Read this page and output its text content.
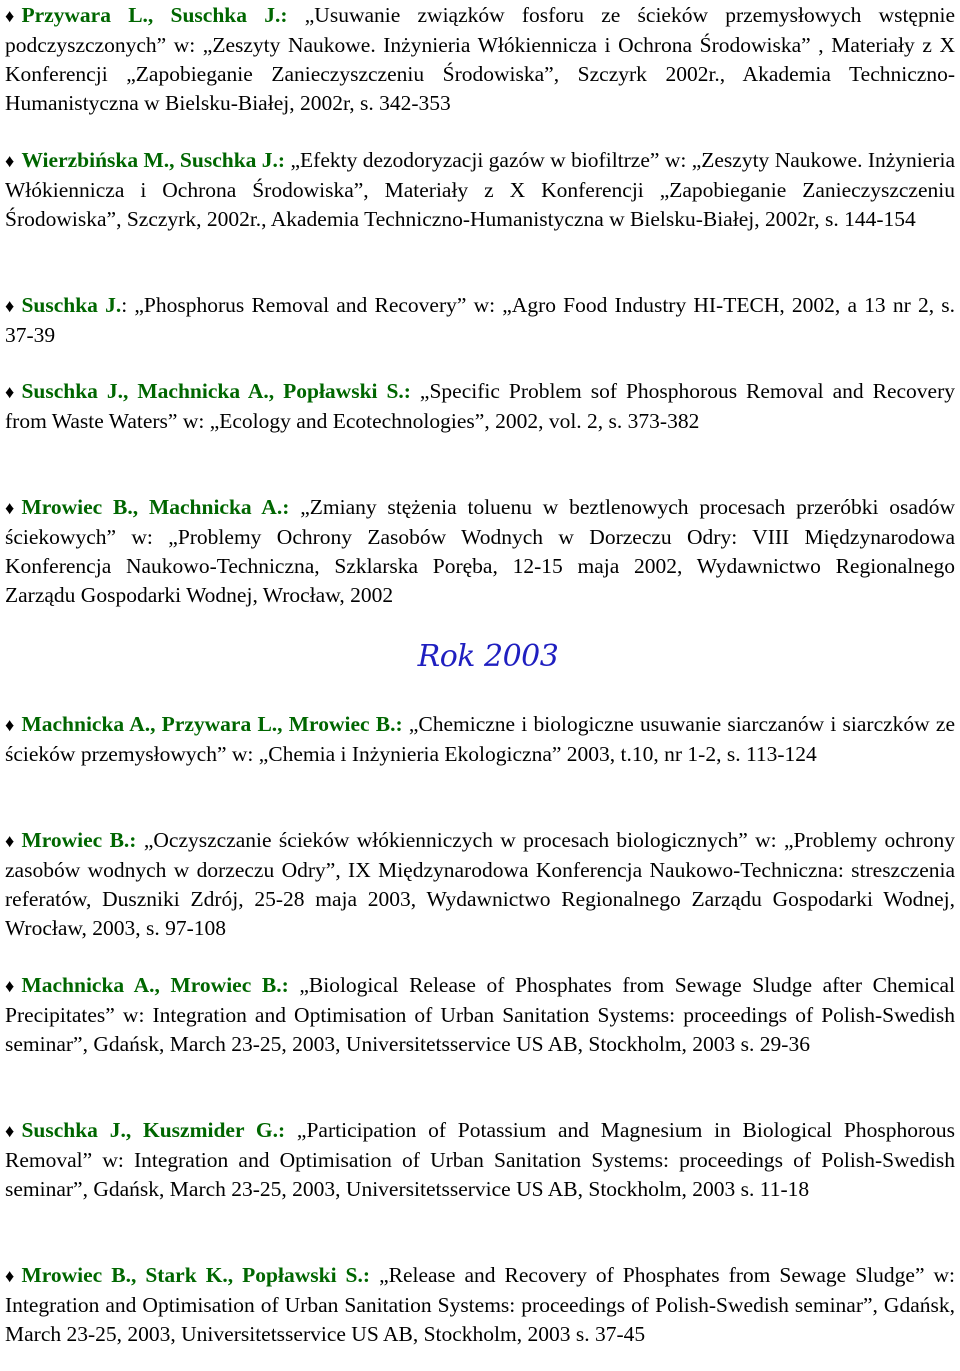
♦ Przywara L., Suschka J.: „Usuwanie związków fosforu ze ścieków przemysłowych wstępnie podczyszczonych” w: „Zeszyty Naukowe. Inżynieria Włókiennicza i Ochrona Środowiska” , Materiały z X Konferencji „Zapobieganie Zanieczyszczeniu Środowiska”, Szczyrk 2002r., Akademia Techniczno-Humanistyczna w Bielsku-Białej, 2002r, s. 342-353

♦ Wierzbińska M., Suschka J.: „Efekty dezodoryzacji gazów w biofiltrze” w: „Zeszyty Naukowe. Inżynieria Włókiennicza i Ochrona Środowiska”, Materiały z X Konferencji „Zapobieganie Zanieczyszczeniu Środowiska”, Szczyrk, 2002r., Akademia Techniczno-Humanistyczna w Bielsku-Białej, 2002r, s. 144-154

♦ Suschka J.: „Phosphorus Removal and Recovery” w: „Agro Food Industry HI-TECH, 2002, a 13 nr 2, s. 37-39

♦ Suschka J., Machnicka A., Popławski S.: „Specific Problem sof Phosphorous Removal and Recovery from Waste Waters” w: „Ecology and Ecotechnologies”, 2002, vol. 2, s. 373-382

♦ Mrowiec B., Machnicka A.: „Zmiany stężenia toluenu w beztlenowych procesach przeróbki osadów ściekowych” w: „Problemy Ochrony Zasobów Wodnych w Dorzeczu Odry: VIII Międzynarodowa Konferencja Naukowo-Techniczna, Szklarska Poręba, 12-15 maja 2002, Wydawnictwo Regionalnego Zarządu Gospodarki Wodnej, Wrocław, 2002

Rok 2003

♦ Machnicka A., Przywara L., Mrowiec B.: „Chemiczne i biologiczne usuwanie siarczanów i siarczków ze ścieków przemysłowych” w: „Chemia i Inżynieria Ekologiczna” 2003, t.10, nr 1-2, s. 113-124

♦ Mrowiec B.: „Oczyszczanie ścieków włókienniczych w procesach biologicznych” w: „Problemy ochrony zasobów wodnych w dorzeczu Odry”, IX Międzynarodowa Konferencja Naukowo-Techniczna: streszczenia referatów, Duszniki Zdrój, 25-28 maja 2003, Wydawnictwo Regionalnego Zarządu Gospodarki Wodnej, Wrocław, 2003, s. 97-108

♦ Machnicka A., Mrowiec B.: „Biological Release of Phosphates from Sewage Sludge after Chemical Precipitates” w: Integration and Optimisation of Urban Sanitation Systems: proceedings of Polish-Swedish seminar”, Gdańsk, March 23-25, 2003, Universitetsservice US AB, Stockholm, 2003 s. 29-36

♦ Suschka J., Kuszmider G.: „Participation of Potassium and Magnesium in Biological Phosphorous Removal” w: Integration and Optimisation of Urban Sanitation Systems: proceedings of Polish-Swedish seminar”, Gdańsk, March 23-25, 2003, Universitetsservice US AB, Stockholm, 2003 s. 11-18

♦ Mrowiec B., Stark K., Popławski S.: „Release and Recovery of Phosphates from Sewage Sludge” w: Integration and Optimisation of Urban Sanitation Systems: proceedings of Polish-Swedish seminar”, Gdańsk, March 23-25, 2003, Universitetsservice US AB, Stockholm, 2003 s. 37-45
